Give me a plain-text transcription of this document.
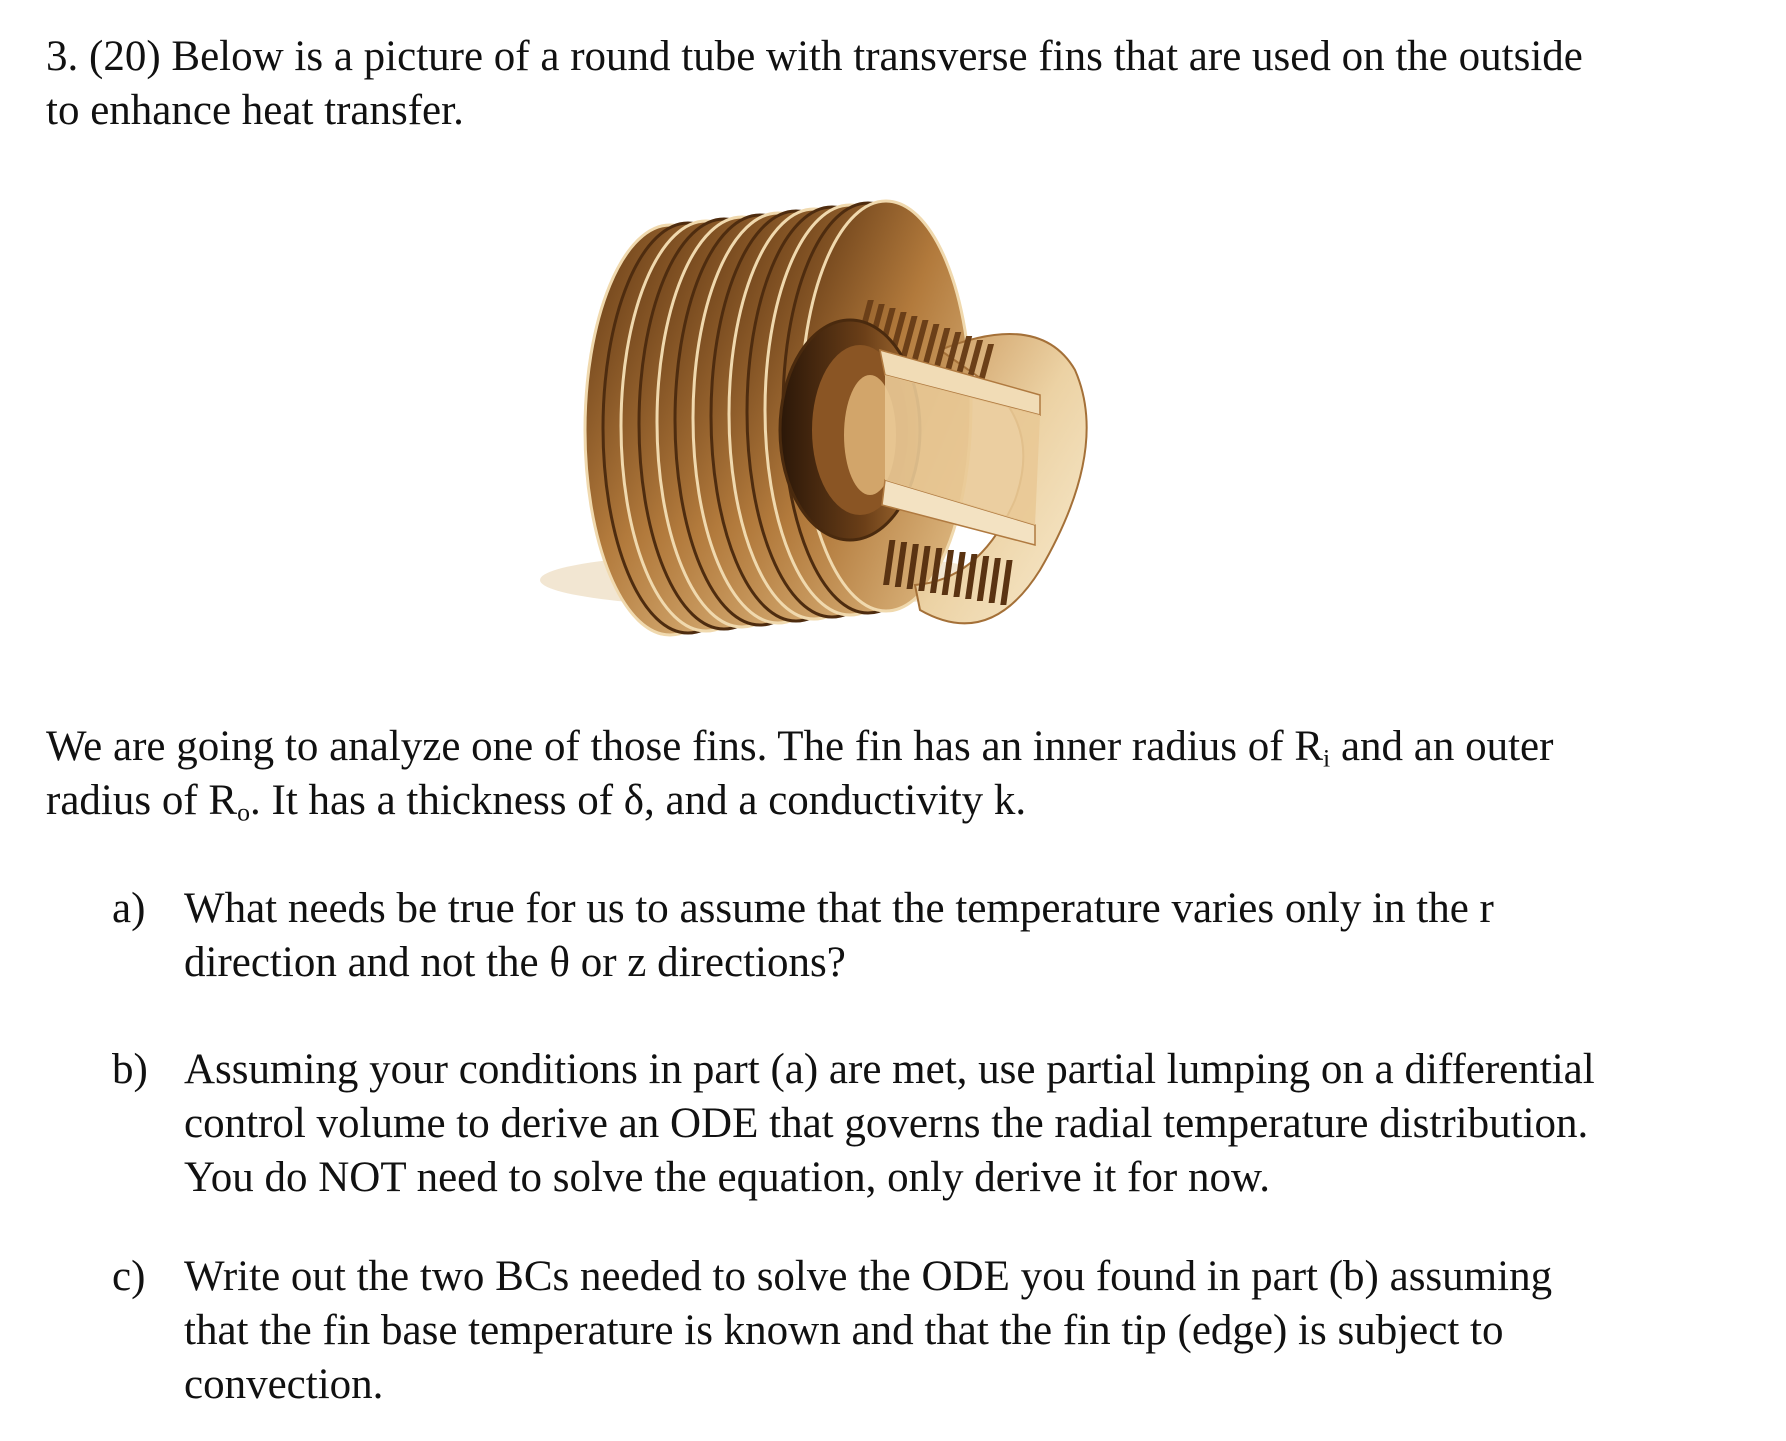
3. (20) Below is a picture of a round tube with transverse fins that are used on the outside
to enhance heat transfer.

We are going to analyze one of those fins. The fin has an inner radius of $R_i$ and an outer
radius of $R_o$. It has a thickness of δ, and a conductivity k.

a) What needs be true for us to assume that the temperature varies only in the r
direction and not the θ or z directions?
b) Assuming your conditions in part (a) are met, use partial lumping on a differential
control volume to derive an ODE that governs the radial temperature distribution.
You do NOT need to solve the equation, only derive it for now.
c) Write out the two BCs needed to solve the ODE you found in part (b) assuming
that the fin base temperature is known and that the fin tip (edge) is subject to
convection.
